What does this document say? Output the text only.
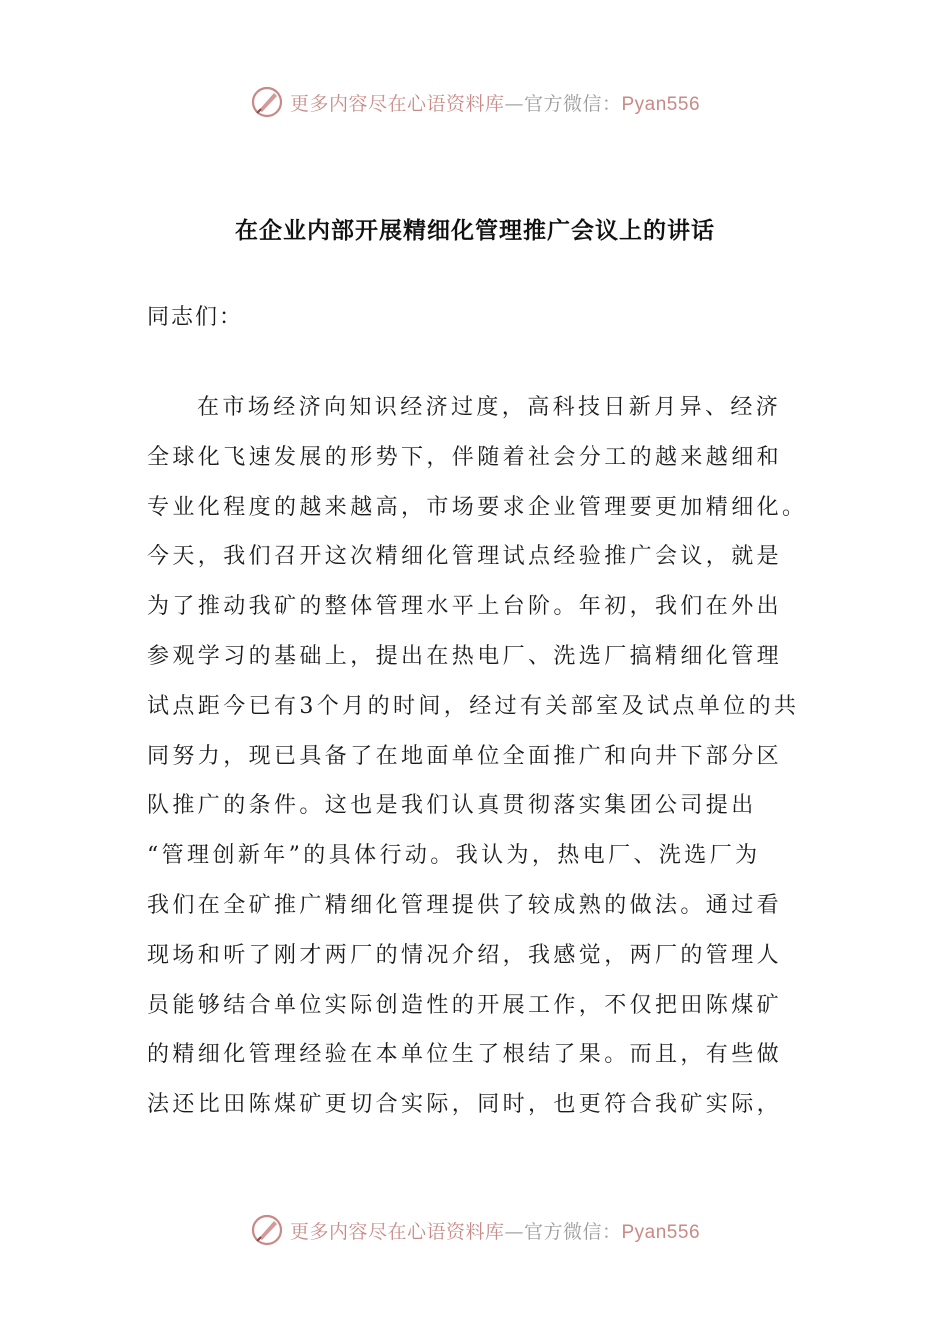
更多内容尽在心语资料库—官方微信：Pyan556
在企业内部开展精细化管理推广会议上的讲话

同志们：

在市场经济向知识经济过度，高科技日新月异、经济
全球化飞速发展的形势下，伴随着社会分工的越来越细和
专业化程度的越来越高，市场要求企业管理要更加精细化。
今天，我们召开这次精细化管理试点经验推广会议，就是
为了推动我矿的整体管理水平上台阶。年初，我们在外出
参观学习的基础上，提出在热电厂、洗选厂搞精细化管理
试点距今已有3个月的时间，经过有关部室及试点单位的共
同努力，现已具备了在地面单位全面推广和向井下部分区
队推广的条件。这也是我们认真贯彻落实集团公司提出
“管理创新年”的具体行动。我认为，热电厂、洗选厂为
我们在全矿推广精细化管理提供了较成熟的做法。通过看
现场和听了刚才两厂的情况介绍，我感觉，两厂的管理人
员能够结合单位实际创造性的开展工作，不仅把田陈煤矿
的精细化管理经验在本单位生了根结了果。而且，有些做
法还比田陈煤矿更切合实际，同时，也更符合我矿实际，
更多内容尽在心语资料库—官方微信：Pyan556
